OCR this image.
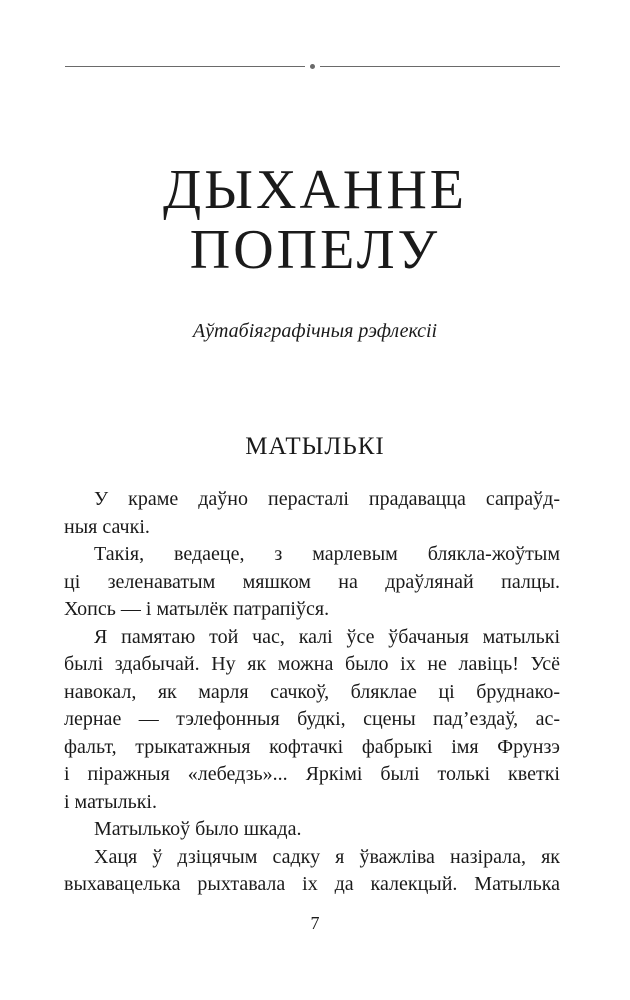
ДЫХАННЕ
ПОПЕЛУ
Аўтабіяграфічныя рэфлексіі
МАТЫЛЬКІ
У краме даўно перасталі прадавацца сапраўд-
ныя сачкі.
Такія, ведаеце, з марлевым блякла-жоўтым
ці зеленаватым мяшком на драўлянай палцы.
Хопсь — і матылёк патрапіўся.
Я памятаю той час, калі ўсе ўбачаныя матылькі
былі здабычай. Ну як можна было іх не лавіць! Усё
навокал, як марля сачкоў, бляклае ці бруднако-
лернае — тэлефонныя будкі, сцены пад’ездаў, ас-
фальт, трыкатажныя кофтачкі фабрыкі імя Фрунзэ
і піражныя «лебедзь»... Яркімі былі толькі кветкі
і матылькі.
Матылькоў было шкада.
Хаця ў дзіцячым садку я ўважліва назірала, як
выхавацелька рыхтавала іх да калекцый. Матылька
7
